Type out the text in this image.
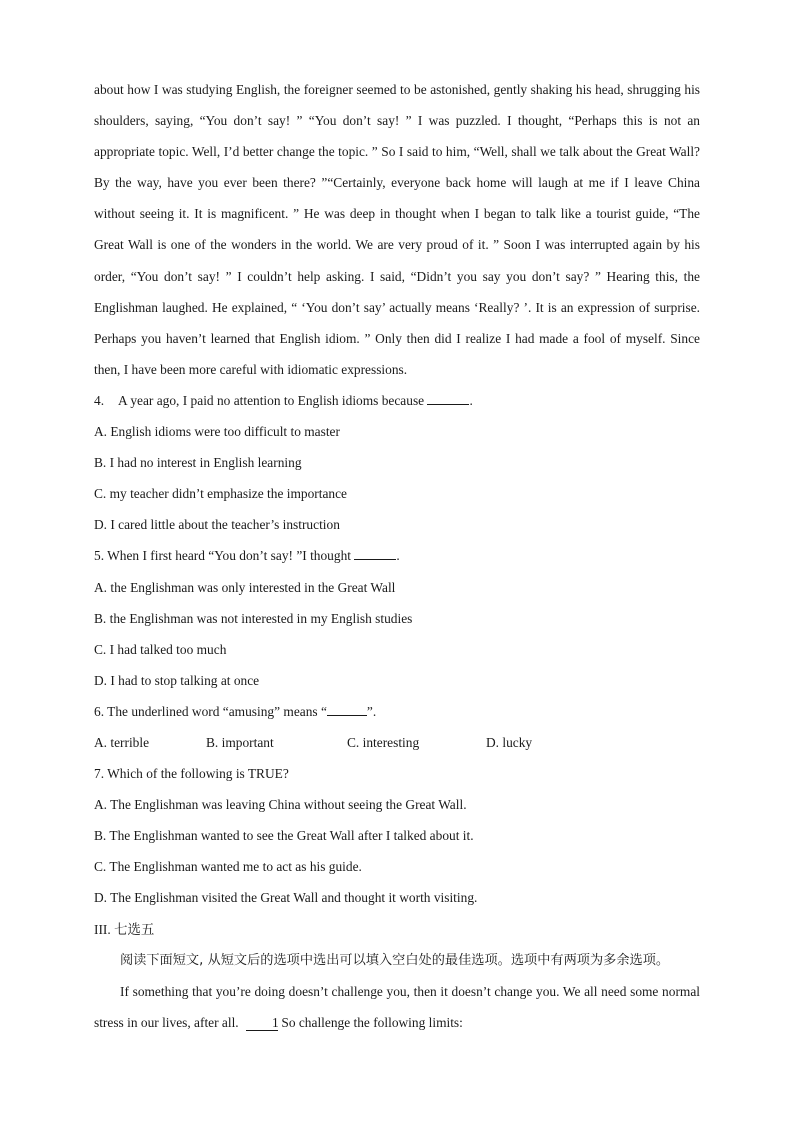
about how I was studying English, the foreigner seemed to be astonished, gently shaking his head, shrugging his shoulders, saying, “You don’t say! ” “You don’t say! ” I was puzzled. I thought, “Perhaps this is not an appropriate topic. Well, I’d better change the topic. ” So I said to him, “Well, shall we talk about the Great Wall? By the way, have you ever been there? ”“Certainly, everyone back home will laugh at me if I leave China without seeing it. It is magnificent. ” He was deep in thought when I began to talk like a tourist guide, “The Great Wall is one of the wonders in the world. We are very proud of it. ” Soon I was interrupted again by his order, “You don’t say! ” I couldn’t help asking. I said, “Didn’t you say you don’t say? ” Hearing this, the Englishman laughed. He explained, “ ‘You don’t say’ actually means ‘Really? ’. It is an expression of surprise. Perhaps you haven’t learned that English idiom. ” Only then did I realize I had made a fool of myself. Since then, I have been more careful with idiomatic expressions.

4. A year ago, I paid no attention to English idioms because	.

A. English idioms were too difficult to master

B. I had no interest in English learning

C. my teacher didn’t emphasize the importance

D. I cared little about the teacher’s instruction

5. When I first heard “You don’t say! ”I thought	.

A. the Englishman was only interested in the Great Wall

B. the Englishman was not interested in my English studies

C. I had talked too much

D. I had to stop talking at once

6. The underlined word “amusing” means “	”.

A. terrible	B. important	C. interesting	D. lucky

7. Which of the following is TRUE?

A. The Englishman was leaving China without seeing the Great Wall.

B. The Englishman wanted to see the Great Wall after I talked about it.

C. The Englishman wanted me to act as his guide.

D. The Englishman visited the Great Wall and thought it worth visiting.

III. 七选五

阅读下面短文, 从短文后的选项中选出可以填入空白处的最佳选项。选项中有两项为多余选项。

If something that you’re doing doesn’t challenge you, then it doesn’t change you. We all need some normal stress in our lives, after all. 1 So challenge the following limits:
